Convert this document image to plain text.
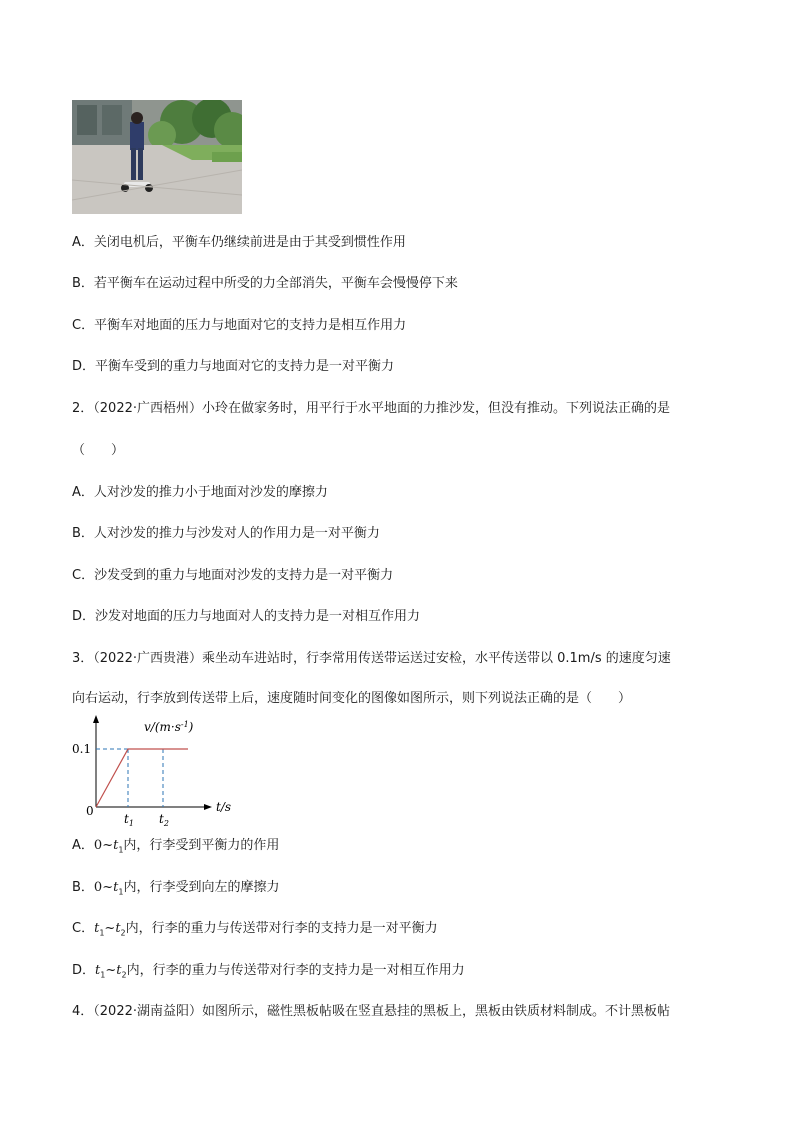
A．关闭电机后，平衡车仍继续前进是由于其受到惯性作用
B．若平衡车在运动过程中所受的力全部消失，平衡车会慢慢停下来
C．平衡车对地面的压力与地面对它的支持力是相互作用力
D．平衡车受到的重力与地面对它的支持力是一对平衡力
2．（2022·广西梧州）小玲在做家务时，用平行于水平地面的力推沙发，但没有推动。下列说法正确的是
（　　）
A．人对沙发的推力小于地面对沙发的摩擦力
B．人对沙发的推力与沙发对人的作用力是一对平衡力
C．沙发受到的重力与地面对沙发的支持力是一对平衡力
D．沙发对地面的压力与地面对人的支持力是一对相互作用力
3．（2022·广西贵港）乘坐动车进站时，行李常用传送带运送过安检，水平传送带以 0.1m/s 的速度匀速
向右运动，行李放到传送带上后，速度随时间变化的图像如图所示，则下列说法正确的是（　　）
$v/(m\cdot s^{-1})$
0
0.1
$t_1$ $t_2$
t/s
A．$0\sim t_1$内，行李受到平衡力的作用
B．$0\sim t_1$内，行李受到向左的摩擦力
C．$t_1\sim t_2$内，行李的重力与传送带对行李的支持力是一对平衡力
D．$t_1\sim t_2$内，行李的重力与传送带对行李的支持力是一对相互作用力
4．（2022·湖南益阳）如图所示，磁性黑板帖吸在竖直悬挂的黑板上，黑板由铁质材料制成。不计黑板帖
